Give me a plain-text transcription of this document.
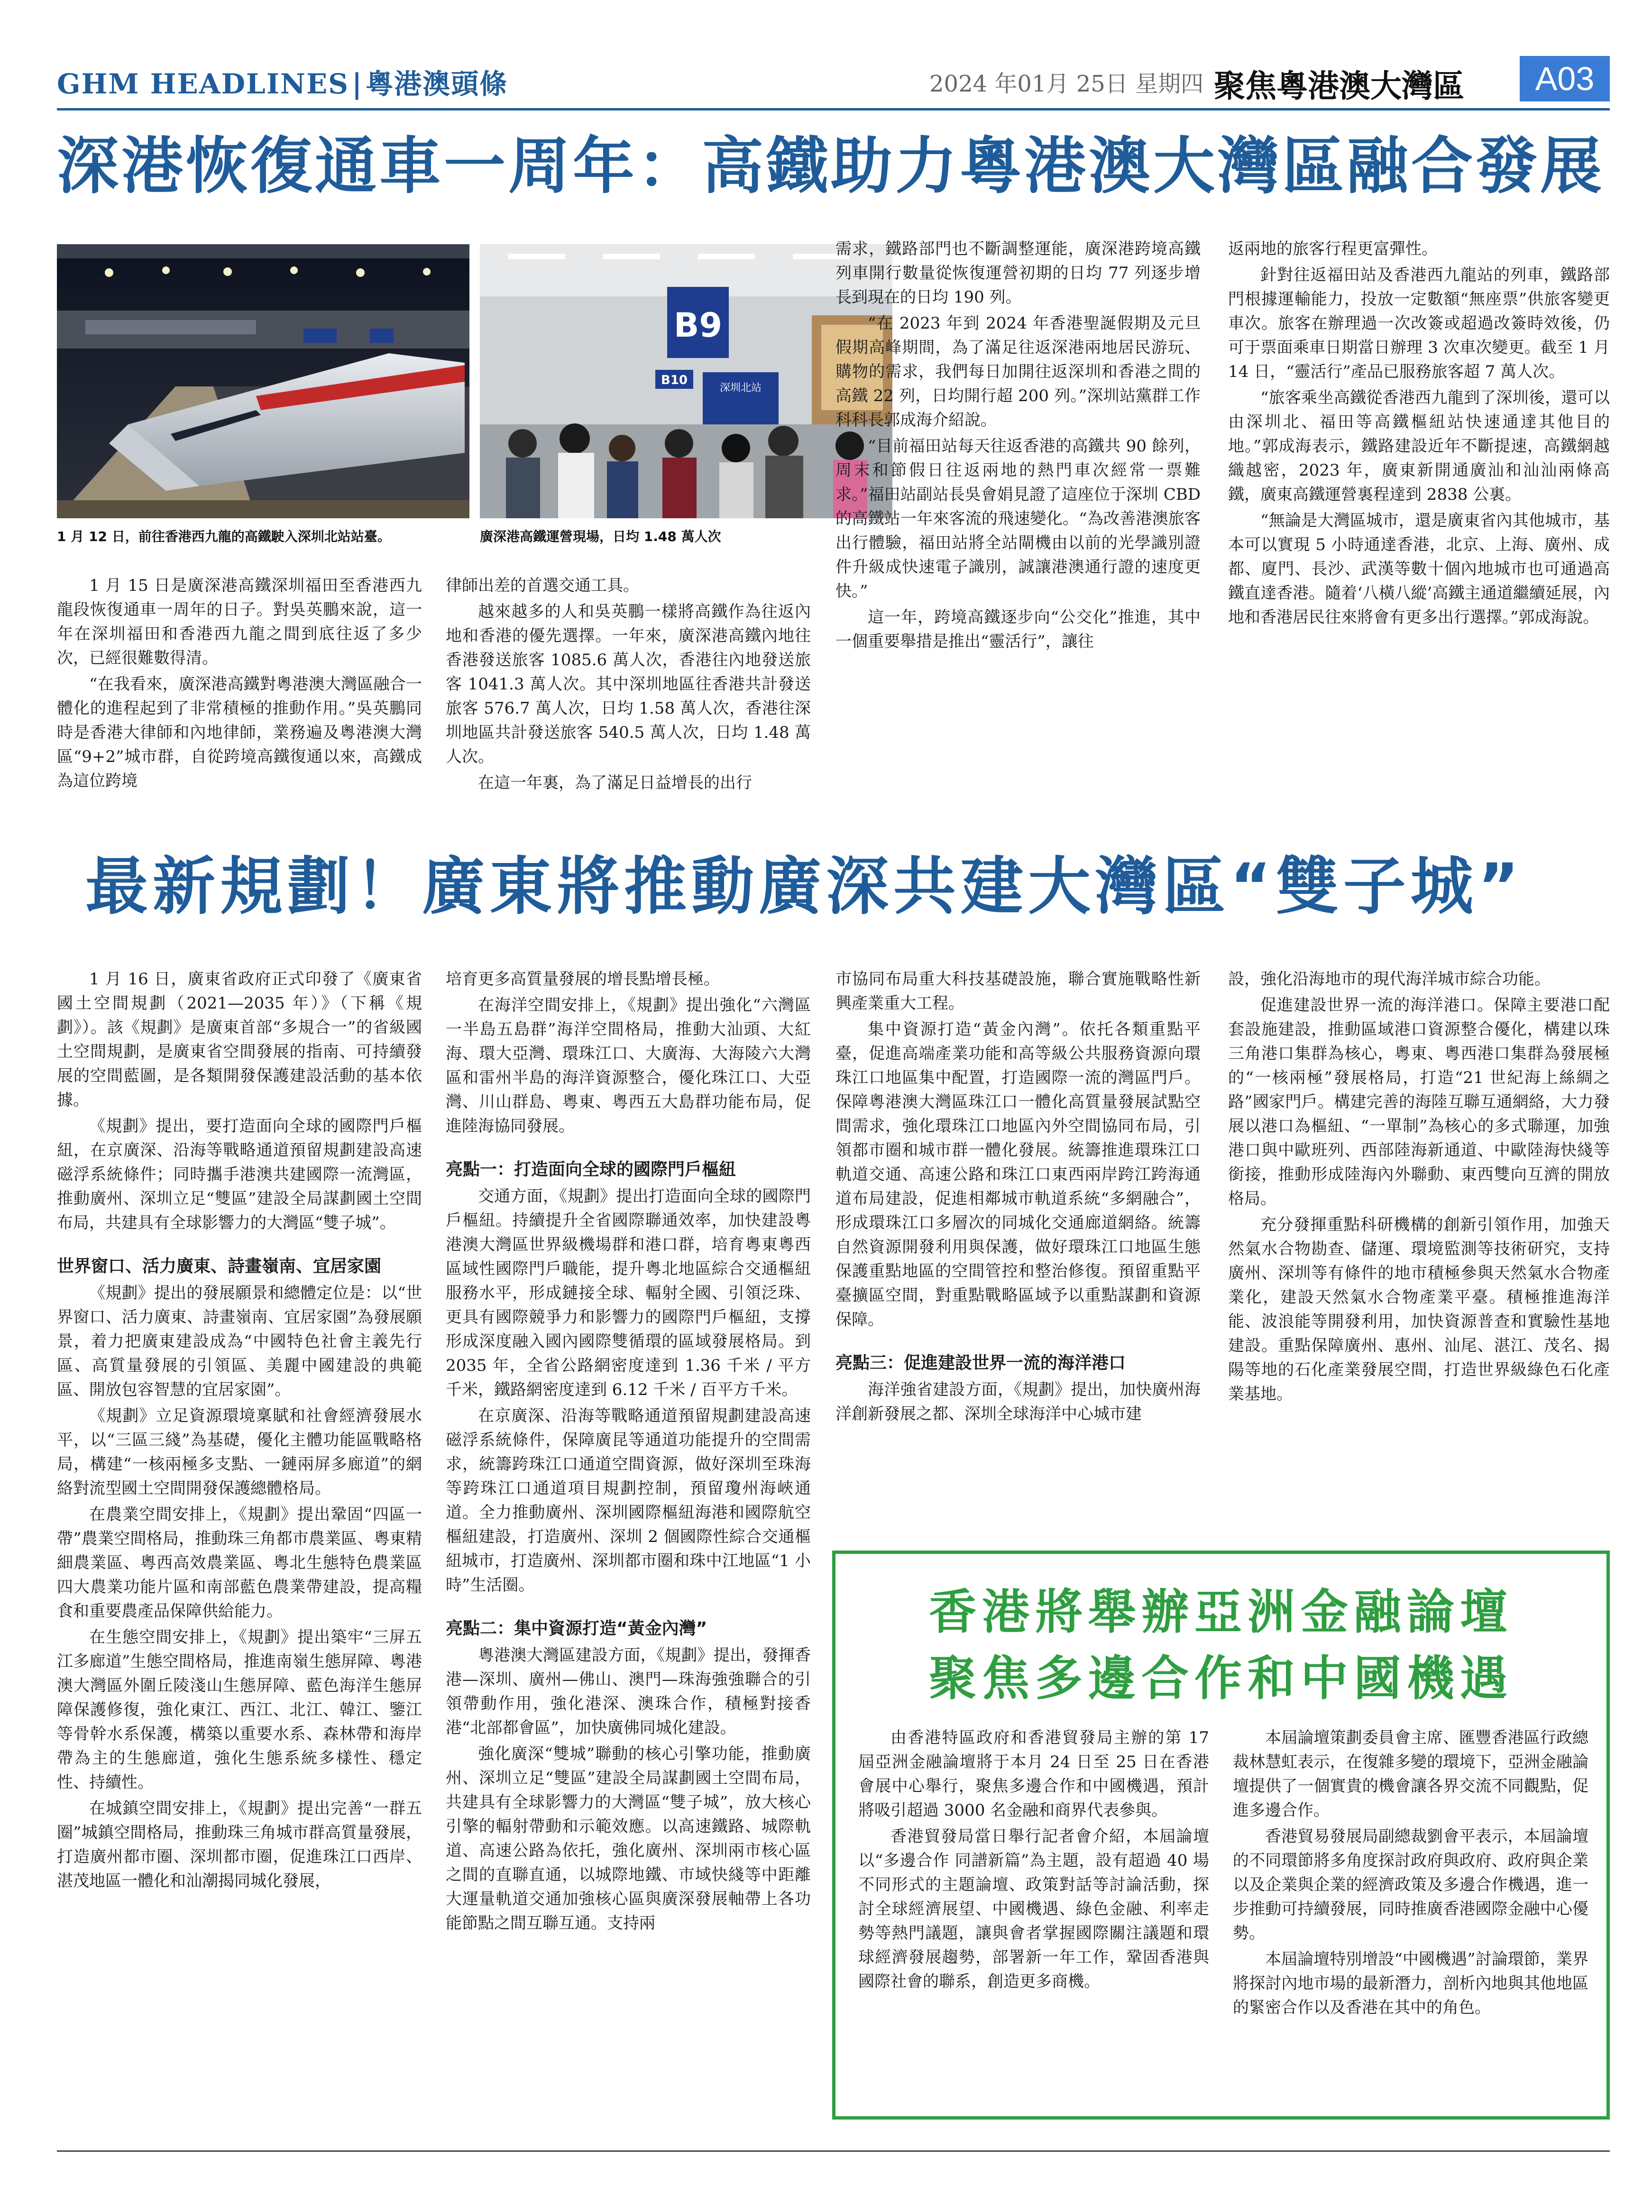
GHM HEADLINES | 粵港澳頭條	2024 年01月 25日 星期四 聚焦粵港澳大灣區	A03
深港恢復通車一周年：高鐵助力粵港澳大灣區融合發展
1 月 12 日，前往香港西九龍的高鐵駛入深圳北站站臺。
B9
深圳北站
B10
廣深港高鐵運營現場，日均 1.48 萬人次

1 月 15 日是廣深港高鐵深圳福田至香港西九龍段恢復通車一周年的日子。對吳英鵬來說，這一年在深圳福田和香港西九龍之間到底往返了多少次，已經很難數得清。

“在我看來，廣深港高鐵對粵港澳大灣區融合一體化的進程起到了非常積極的推動作用。”吳英鵬同時是香港大律師和內地律師，業務遍及粵港澳大灣區“9+2”城市群，自從跨境高鐵復通以來，高鐵成為這位跨境

律師出差的首選交通工具。

越來越多的人和吳英鵬一樣將高鐵作為往返內地和香港的優先選擇。一年來，廣深港高鐵內地往香港發送旅客 1085.6 萬人次，香港往內地發送旅客 1041.3 萬人次。其中深圳地區往香港共計發送旅客 576.7 萬人次，日均 1.58 萬人次，香港往深圳地區共計發送旅客 540.5 萬人次，日均 1.48 萬人次。

在這一年裏，為了滿足日益增長的出行

需求，鐵路部門也不斷調整運能，廣深港跨境高鐵列車開行數量從恢復運營初期的日均 77 列逐步增長到現在的日均 190 列。

“在 2023 年到 2024 年香港聖誕假期及元旦假期高峰期間，為了滿足往返深港兩地居民游玩、購物的需求，我們每日加開往返深圳和香港之間的高鐵 22 列，日均開行超 200 列。”深圳站黨群工作科科長郭成海介紹說。

“目前福田站每天往返香港的高鐵共 90 餘列，周末和節假日往返兩地的熱門車次經常一票難求。”福田站副站長吳會娟見證了這座位于深圳 CBD 的高鐵站一年來客流的飛速變化。“為改善港澳旅客出行體驗，福田站將全站閘機由以前的光學識別證件升級成快速電子識別，誠讓港澳通行證的速度更快。”

這一年，跨境高鐵逐步向“公交化”推進，其中一個重要舉措是推出“靈活行”，讓往

返兩地的旅客行程更富彈性。

針對往返福田站及香港西九龍站的列車，鐵路部門根據運輸能力，投放一定數額“無座票”供旅客變更車次。旅客在辦理過一次改簽或超過改簽時效後，仍可于票面乘車日期當日辦理 3 次車次變更。截至 1 月 14 日，“靈活行”產品已服務旅客超 7 萬人次。

“旅客乘坐高鐵從香港西九龍到了深圳後，還可以由深圳北、福田等高鐵樞紐站快速通達其他目的地。”郭成海表示，鐵路建設近年不斷提速，高鐵網越織越密，2023 年，廣東新開通廣汕和汕汕兩條高鐵，廣東高鐵運營裏程達到 2838 公裏。

“無論是大灣區城市，還是廣東省內其他城市，基本可以實現 5 小時通達香港，北京、上海、廣州、成都、廈門、長沙、武漢等數十個內地城市也可通過高鐵直達香港。隨着‘八橫八縱’高鐵主通道繼續延展，內地和香港居民往來將會有更多出行選擇。”郭成海說。

最新規劃！廣東將推動廣深共建大灣區“雙子城”

1 月 16 日，廣東省政府正式印發了《廣東省國土空間規劃（2021—2035 年）》（下稱《規劃》）。該《規劃》是廣東首部“多規合一”的省級國土空間規劃，是廣東省空間發展的指南、可持續發展的空間藍圖，是各類開發保護建設活動的基本依據。

《規劃》提出，要打造面向全球的國際門戶樞紐，在京廣深、沿海等戰略通道預留規劃建設高速磁浮系統條件；同時攜手港澳共建國際一流灣區，推動廣州、深圳立足“雙區”建設全局謀劃國土空間布局，共建具有全球影響力的大灣區“雙子城”。

世界窗口、活力廣東、詩畫嶺南、宜居家園

《規劃》提出的發展願景和總體定位是：以“世界窗口、活力廣東、詩畫嶺南、宜居家園”為發展願景，着力把廣東建設成為“中國特色社會主義先行區、高質量發展的引領區、美麗中國建設的典範區、開放包容智慧的宜居家園”。

《規劃》立足資源環境稟賦和社會經濟發展水平，以“三區三綫”為基礎，優化主體功能區戰略格局，構建“一核兩極多支點、一鏈兩屏多廊道”的網絡對流型國土空間開發保護總體格局。

在農業空間安排上，《規劃》提出鞏固“四區一帶”農業空間格局，推動珠三角都市農業區、粵東精細農業區、粵西高效農業區、粵北生態特色農業區四大農業功能片區和南部藍色農業帶建設，提高糧食和重要農產品保障供給能力。

在生態空間安排上，《規劃》提出築牢“三屏五江多廊道”生態空間格局，推進南嶺生態屏障、粵港澳大灣區外圍丘陵淺山生態屏障、藍色海洋生態屏障保護修復，強化東江、西江、北江、韓江、鑒江等骨幹水系保護，構築以重要水系、森林帶和海岸帶為主的生態廊道，強化生態系統多樣性、穩定性、持續性。

在城鎮空間安排上，《規劃》提出完善“一群五圈”城鎮空間格局，推動珠三角城市群高質量發展，打造廣州都市圈、深圳都市圈，促進珠江口西岸、湛茂地區一體化和汕潮揭同城化發展，

培育更多高質量發展的增長點增長極。

在海洋空間安排上，《規劃》提出強化“六灣區一半島五島群”海洋空間格局，推動大汕頭、大紅海、環大亞灣、環珠江口、大廣海、大海陵六大灣區和雷州半島的海洋資源整合，優化珠江口、大亞灣、川山群島、粵東、粵西五大島群功能布局，促進陸海協同發展。

亮點一：打造面向全球的國際門戶樞紐

交通方面，《規劃》提出打造面向全球的國際門戶樞紐。持續提升全省國際聯通效率，加快建設粵港澳大灣區世界級機場群和港口群，培育粵東粵西區域性國際門戶職能，提升粵北地區綜合交通樞紐服務水平，形成鏈接全球、輻射全國、引領泛珠、更具有國際競爭力和影響力的國際門戶樞紐，支撐形成深度融入國內國際雙循環的區域發展格局。到 2035 年，全省公路網密度達到 1.36 千米 / 平方千米，鐵路網密度達到 6.12 千米 / 百平方千米。

在京廣深、沿海等戰略通道預留規劃建設高速磁浮系統條件，保障廣昆等通道功能提升的空間需求，統籌跨珠江口通道空間資源，做好深圳至珠海等跨珠江口通道項目規劃控制，預留瓊州海峽通道。全力推動廣州、深圳國際樞紐海港和國際航空樞紐建設，打造廣州、深圳 2 個國際性綜合交通樞紐城市，打造廣州、深圳都市圈和珠中江地區“1 小時”生活圈。

亮點二：集中資源打造“黃金內灣”

粵港澳大灣區建設方面，《規劃》提出，發揮香港—深圳、廣州—佛山、澳門—珠海強強聯合的引領帶動作用，強化港深、澳珠合作，積極對接香港“北部都會區”，加快廣佛同城化建設。

強化廣深“雙城”聯動的核心引擎功能，推動廣州、深圳立足“雙區”建設全局謀劃國土空間布局，共建具有全球影響力的大灣區“雙子城”，放大核心引擎的輻射帶動和示範效應。以高速鐵路、城際軌道、高速公路為依托，強化廣州、深圳兩市核心區之間的直聯直通，以城際地鐵、市域快綫等中距離大運量軌道交通加強核心區與廣深發展軸帶上各功能節點之間互聯互通。支持兩

市協同布局重大科技基礎設施，聯合實施戰略性新興產業重大工程。

集中資源打造“黃金內灣”。依托各類重點平臺，促進高端產業功能和高等級公共服務資源向環珠江口地區集中配置，打造國際一流的灣區門戶。保障粵港澳大灣區珠江口一體化高質量發展試點空間需求，強化環珠江口地區內外空間協同布局，引領都市圈和城市群一體化發展。統籌推進環珠江口軌道交通、高速公路和珠江口東西兩岸跨江跨海通道布局建設，促進相鄰城市軌道系統“多網融合”，形成環珠江口多層次的同城化交通廊道網絡。統籌自然資源開發利用與保護，做好環珠江口地區生態保護重點地區的空間管控和整治修復。預留重點平臺擴區空間，對重點戰略區域予以重點謀劃和資源保障。

亮點三：促進建設世界一流的海洋港口

海洋強省建設方面，《規劃》提出，加快廣州海洋創新發展之都、深圳全球海洋中心城市建

設，強化沿海地市的現代海洋城市綜合功能。

促進建設世界一流的海洋港口。保障主要港口配套設施建設，推動區域港口資源整合優化，構建以珠三角港口集群為核心，粵東、粵西港口集群為發展極的“一核兩極”發展格局，打造“21 世紀海上絲綢之路”國家門戶。構建完善的海陸互聯互通網絡，大力發展以港口為樞紐、“一單制”為核心的多式聯運，加強港口與中歐班列、西部陸海新通道、中歐陸海快綫等銜接，推動形成陸海內外聯動、東西雙向互濟的開放格局。

充分發揮重點科研機構的創新引領作用，加強天然氣水合物勘查、儲運、環境監測等技術研究，支持廣州、深圳等有條件的地市積極參與天然氣水合物產業化，建設天然氣水合物產業平臺。積極推進海洋能、波浪能等開發利用，加快資源普查和實驗性基地建設。重點保障廣州、惠州、汕尾、湛江、茂名、揭陽等地的石化產業發展空間，打造世界級綠色石化產業基地。

香港將舉辦亞洲金融論壇
聚焦多邊合作和中國機遇

由香港特區政府和香港貿發局主辦的第 17 屆亞洲金融論壇將于本月 24 日至 25 日在香港會展中心舉行，聚焦多邊合作和中國機遇，預計將吸引超過 3000 名金融和商界代表參與。

香港貿發局當日舉行記者會介紹，本屆論壇以“多邊合作 同譜新篇”為主題，設有超過 40 場不同形式的主題論壇、政策對話等討論活動，探討全球經濟展望、中國機遇、綠色金融、利率走勢等熱門議題，讓與會者掌握國際關注議題和環球經濟發展趨勢，部署新一年工作，鞏固香港與國際社會的聯系，創造更多商機。

本屆論壇策劃委員會主席、匯豐香港區行政總裁林慧虹表示，在復雜多變的環境下，亞洲金融論壇提供了一個實貴的機會讓各界交流不同觀點，促進多邊合作。

香港貿易發展局副總裁劉會平表示，本屆論壇的不同環節將多角度探討政府與政府、政府與企業以及企業與企業的經濟政策及多邊合作機遇，進一步推動可持續發展，同時推廣香港國際金融中心優勢。

本屆論壇特別增設“中國機遇”討論環節，業界將探討內地市場的最新潛力，剖析內地與其他地區的緊密合作以及香港在其中的角色。
